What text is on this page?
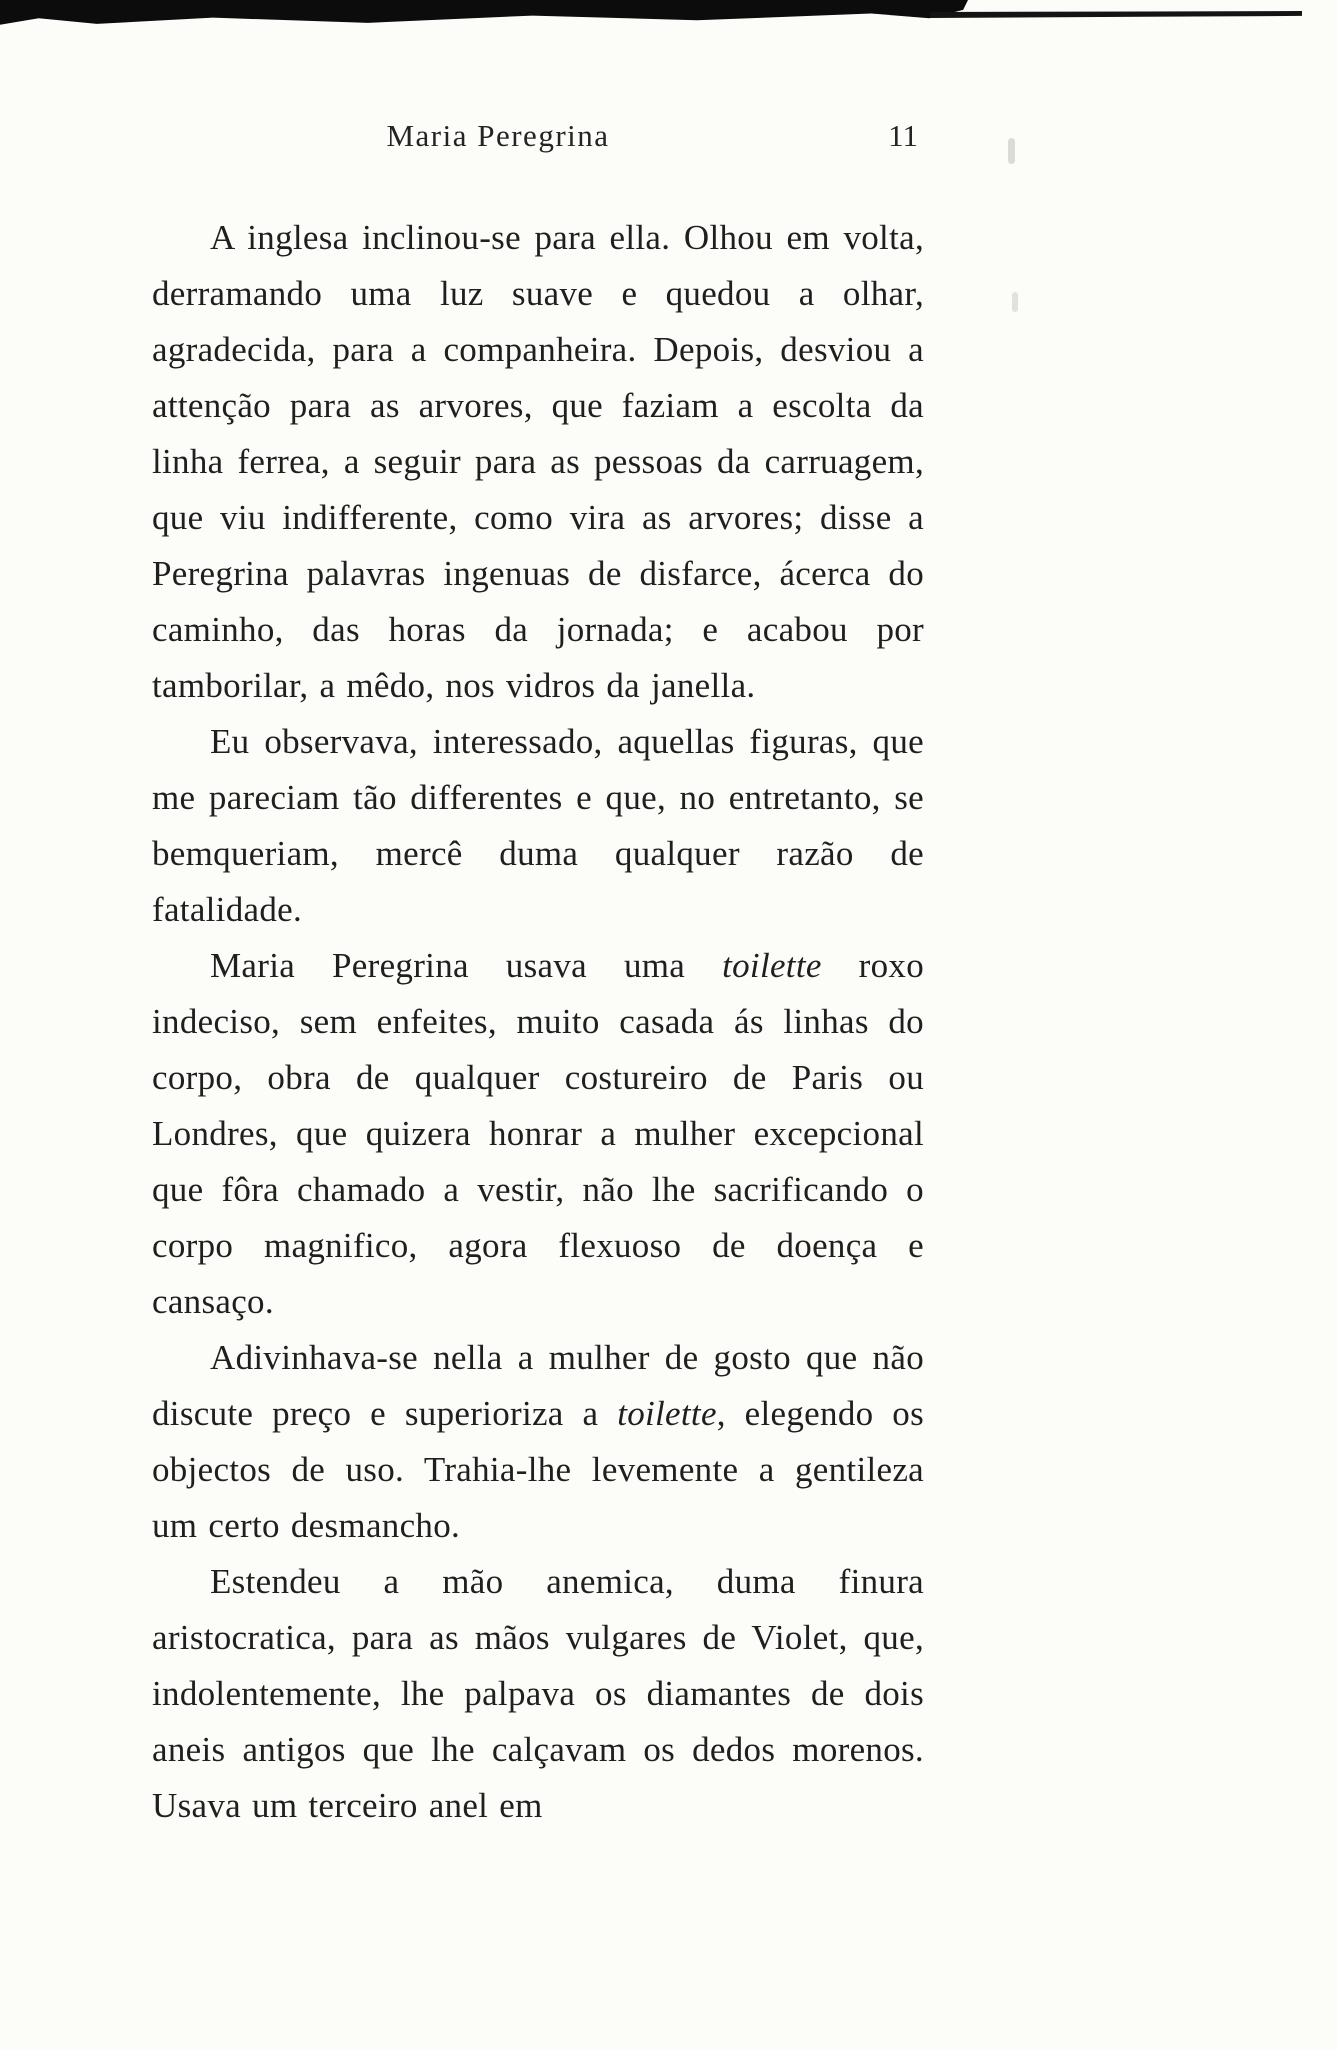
Maria Peregrina	11

A inglesa inclinou-se para ella. Olhou em volta, derramando uma luz suave e quedou a olhar, agradecida, para a companheira. Depois, desviou a attenção para as arvores, que faziam a escolta da linha ferrea, a seguir para as pessoas da carruagem, que viu indifferente, como vira as arvores; disse a Peregrina palavras ingenuas de disfarce, ácerca do caminho, das horas da jornada; e acabou por tamborilar, a mêdo, nos vidros da janella.

Eu observava, interessado, aquellas figuras, que me pareciam tão differentes e que, no entretanto, se bemqueriam, mercê duma qualquer razão de fatalidade.

Maria Peregrina usava uma toilette roxo indeciso, sem enfeites, muito casada ás linhas do corpo, obra de qualquer costureiro de Paris ou Londres, que quizera honrar a mulher excepcional que fôra chamado a vestir, não lhe sacrificando o corpo magnifico, agora flexuoso de doença e cansaço.

Adivinhava-se nella a mulher de gosto que não discute preço e superioriza a toilette, elegendo os objectos de uso. Trahia-lhe levemente a gentileza um certo desmancho.

Estendeu a mão anemica, duma finura aristocratica, para as mãos vulgares de Violet, que, indolentemente, lhe palpava os diamantes de dois aneis antigos que lhe calçavam os dedos morenos. Usava um terceiro anel em
